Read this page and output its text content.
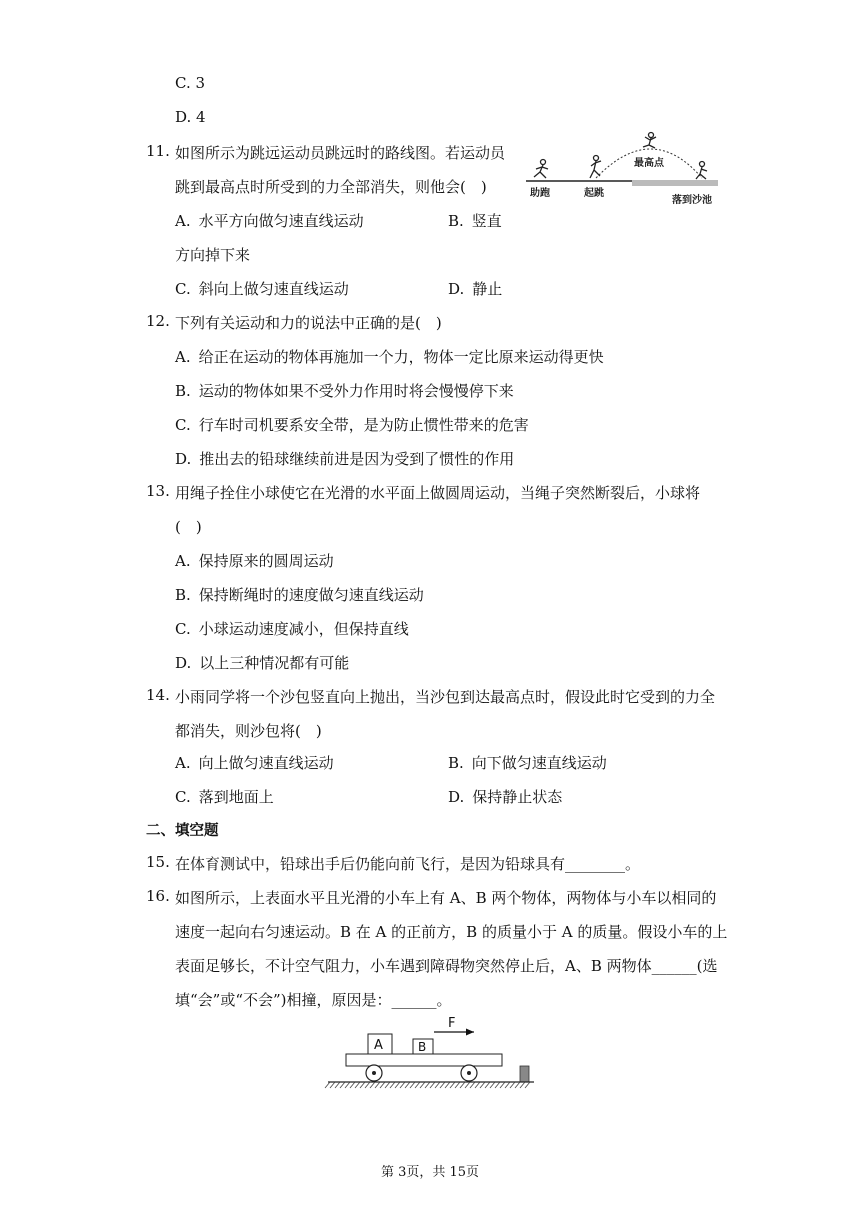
C. 3
D. 4
11. 如图所示为跳远运动员跳远时的路线图。若运动员
跳到最高点时所受到的力全部消失，则他会(　)	助跑	起跳
最高点
落到沙池
A. 水平方向做匀速直线运动	B. 竖直
方向掉下来
C. 斜向上做匀速直线运动	D. 静止
12. 下列有关运动和力的说法中正确的是(　)
A. 给正在运动的物体再施加一个力，物体一定比原来运动得更快
B. 运动的物体如果不受外力作用时将会慢慢停下来
C. 行车时司机要系安全带，是为防止惯性带来的危害
D. 推出去的铅球继续前进是因为受到了惯性的作用
13. 用绳子拴住小球使它在光滑的水平面上做圆周运动，当绳子突然断裂后，小球将
(　)
A. 保持原来的圆周运动
B. 保持断绳时的速度做匀速直线运动
C. 小球运动速度减小，但保持直线
D. 以上三种情况都有可能
14. 小雨同学将一个沙包竖直向上抛出，当沙包到达最高点时，假设此时它受到的力全
都消失，则沙包将(　)
A. 向上做匀速直线运动	B. 向下做匀速直线运动
C. 落到地面上	D. 保持静止状态
二、填空题
15. 在体育测试中，铅球出手后仍能向前飞行，是因为铅球具有________。
16. 如图所示，上表面水平且光滑的小车上有 A、B 两个物体，两物体与小车以相同的
速度一起向右匀速运动。B 在 A 的正前方，B 的质量小于 A 的质量。假设小车的上
表面足够长，不计空气阻力，小车遇到障碍物突然停止后，A、B 两物体______(选
填“会”或“不会”)相撞，原因是：______。
F
A	B
第 3页，共 15页
